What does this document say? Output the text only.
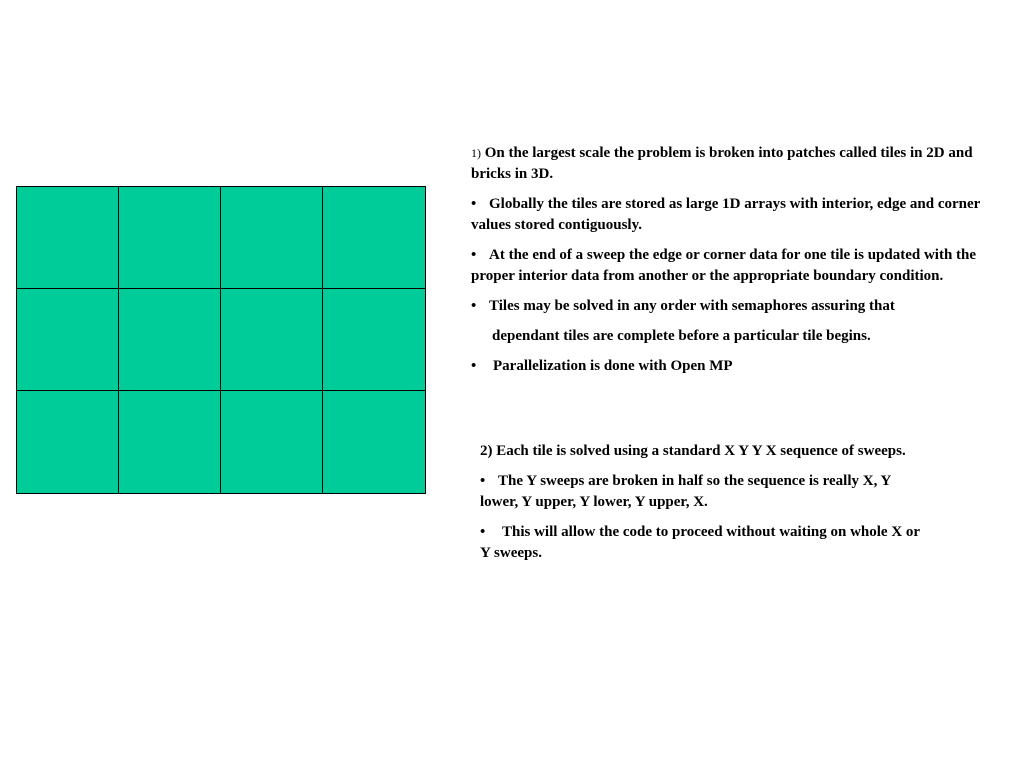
1) On the largest scale the problem is broken into patches called tiles in 2D and bricks in 3D.

• Globally the tiles are stored as large 1D arrays with interior, edge and corner values stored contiguously.

• At the end of a sweep the edge or corner data for one tile is updated with the proper interior data from another or the appropriate boundary condition.

• Tiles may be solved in any order with semaphores assuring that

dependant tiles are complete before a particular tile begins.

• Parallelization is done with Open MP

2) Each tile is solved using a standard X Y Y X sequence of sweeps.

• The Y sweeps are broken in half so the sequence is really X, Y lower, Y upper, Y lower, Y upper, X.

• This will allow the code to proceed without waiting on whole X or Y sweeps.
